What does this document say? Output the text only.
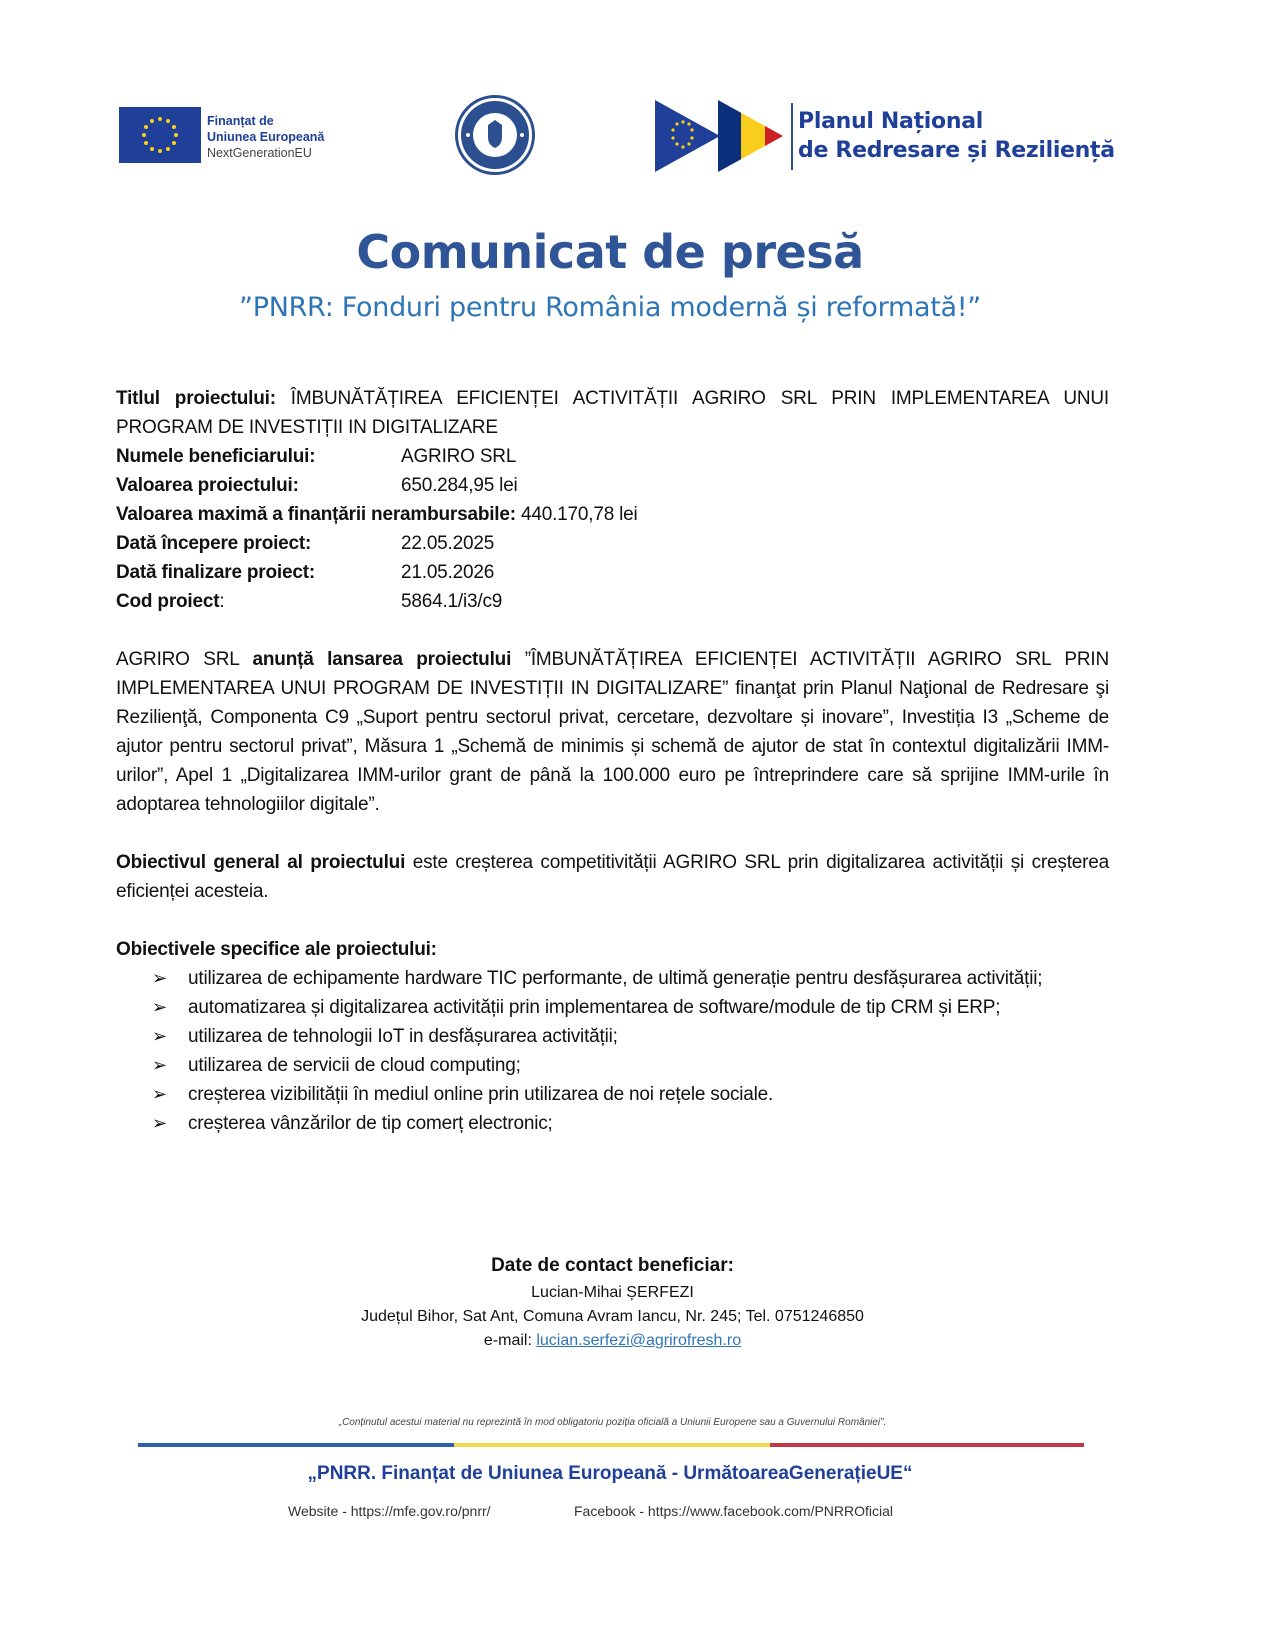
Finanțat de
Uniunea Europeană
NextGenerationEU
Planul Național
de Redresare și Reziliență
Comunicat de presă
”PNRR: Fonduri pentru România modernă și reformată!”
Titlul proiectului: ÎMBUNĂTĂȚIREA EFICIENȚEI ACTIVITĂȚII AGRIRO SRL PRIN IMPLEMENTAREA UNUI PROGRAM DE INVESTIȚII IN DIGITALIZARE
Numele beneficiarului:	AGRIRO SRL
Valoarea proiectului:	650.284,95 lei
Valoarea maximă a finanțării nerambursabile: 440.170,78 lei
Dată începere proiect:	22.05.2025
Dată finalizare proiect:	21.05.2026
Cod proiect:	5864.1/i3/c9
AGRIRO SRL anunță lansarea proiectului ”ÎMBUNĂTĂȚIREA EFICIENȚEI ACTIVITĂȚII AGRIRO SRL PRIN IMPLEMENTAREA UNUI PROGRAM DE INVESTIȚII IN DIGITALIZARE” finanţat prin Planul Naţional de Redresare şi Rezilienţă, Componenta C9 „Suport pentru sectorul privat, cercetare, dezvoltare și inovare”, Investiția I3 „Scheme de ajutor pentru sectorul privat”, Măsura 1 „Schemă de minimis și schemă de ajutor de stat în contextul digitalizării IMM-urilor”, Apel 1 „Digitalizarea IMM-urilor grant de până la 100.000 euro pe întreprindere care să sprijine IMM-urile în adoptarea tehnologiilor digitale”.
Obiectivul general al proiectului este creșterea competitivității AGRIRO SRL prin digitalizarea activității și creșterea eficienței acesteia.
Obiectivele specifice ale proiectului:
➢ utilizarea de echipamente hardware TIC performante, de ultimă generație pentru desfășurarea activității;
➢ automatizarea și digitalizarea activității prin implementarea de software/module de tip CRM și ERP;
➢ utilizarea de tehnologii IoT in desfășurarea activității;
➢ utilizarea de servicii de cloud computing;
➢ creșterea vizibilității în mediul online prin utilizarea de noi rețele sociale.
➢ creșterea vânzărilor de tip comerț electronic;
Date de contact beneficiar:
Lucian-Mihai ȘERFEZI
Județul Bihor, Sat Ant, Comuna Avram Iancu, Nr. 245; Tel. 0751246850
e-mail: lucian.serfezi@agrirofresh.ro
„Conținutul acestui material nu reprezintă în mod obligatoriu poziția oficială a Uniunii Europene sau a Guvernului României”.
„PNRR. Finanțat de Uniunea Europeană - UrmătoareaGenerațieUE“
Website - https://mfe.gov.ro/pnrr/	Facebook - https://www.facebook.com/PNRROficial
